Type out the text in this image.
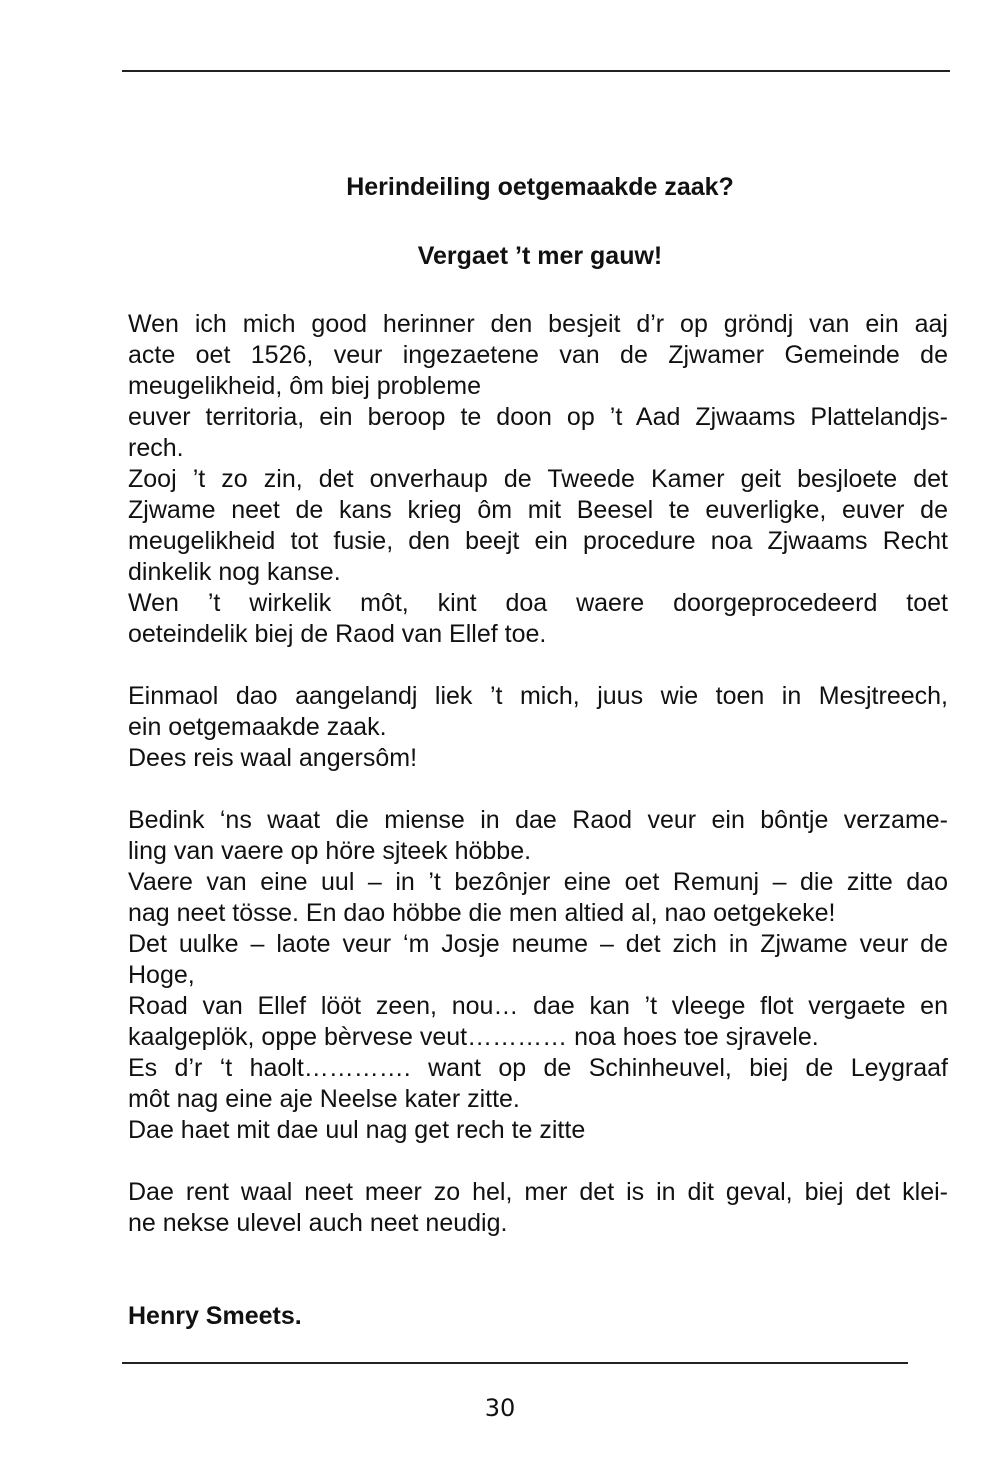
Herindeiling oetgemaakde zaak?
Vergaet ’t mer gauw!

Wen ich mich good herinner den besjeit d’r op gröndj van ein aaj

acte oet 1526, veur ingezaetene van de Zjwamer Gemeinde de

meugelikheid, ôm biej probleme

euver territoria, ein beroop te doon op ’t Aad Zjwaams Plattelandjs-

rech.

Zooj ’t zo zin, det onverhaup de Tweede Kamer geit besjloete det

Zjwame neet de kans krieg ôm mit Beesel te euverligke, euver de

meugelikheid tot fusie, den beejt ein procedure noa Zjwaams Recht

dinkelik nog kanse.

Wen ’t wirkelik môt, kint doa waere doorgeprocedeerd toet

oeteindelik biej de Raod van Ellef toe.

Einmaol dao aangelandj liek ’t mich, juus wie toen in Mesjtreech,

ein oetgemaakde zaak.

Dees reis waal angersôm!

Bedink ‘ns waat die miense in dae Raod veur ein bôntje verzame-

ling van vaere op höre sjteek höbbe.

Vaere van eine uul – in ’t bezônjer eine oet Remunj – die zitte dao

nag neet tösse. En dao höbbe die men altied al, nao oetgekeke!

Det uulke – laote veur ‘m Josje neume – det zich in Zjwame veur de

Hoge,

Road van Ellef lööt zeen, nou… dae kan ’t vleege flot vergaete en

kaalgeplök, oppe bèrvese veut………… noa hoes toe sjravele.

Es d’r ‘t haolt…………. want op de Schinheuvel, biej de Leygraaf

môt nag eine aje Neelse kater zitte.

Dae haet mit dae uul nag get rech te zitte

Dae rent waal neet meer zo hel, mer det is in dit geval, biej det klei-

ne nekse ulevel auch neet neudig.

Henry Smeets.

30
